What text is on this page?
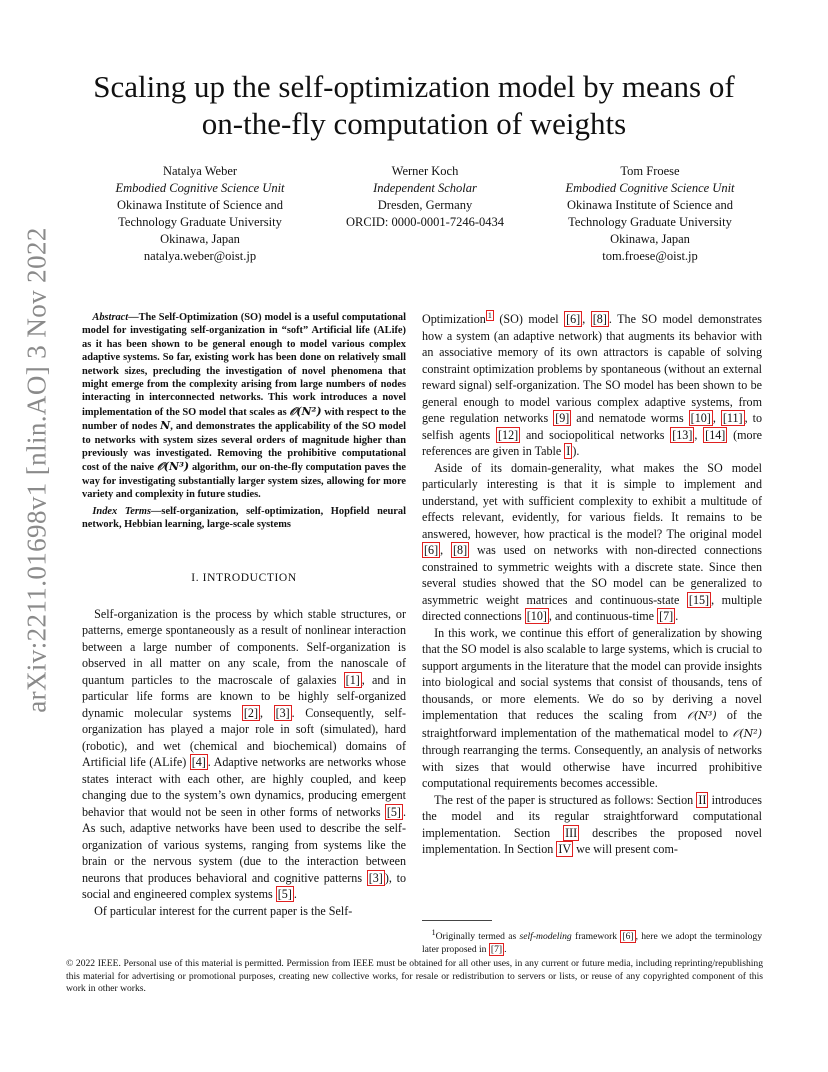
arXiv:2211.01698v1 [nlin.AO] 3 Nov 2022
Scaling up the self-optimization model by means of
on-the-fly computation of weights
Natalya Weber
Embodied Cognitive Science Unit
Okinawa Institute of Science and
Technology Graduate University
Okinawa, Japan
natalya.weber@oist.jp
Werner Koch
Independent Scholar
Dresden, Germany
ORCID: 0000-0001-7246-0434
Tom Froese
Embodied Cognitive Science Unit
Okinawa Institute of Science and
Technology Graduate University
Okinawa, Japan
tom.froese@oist.jp

Abstract—The Self-Optimization (SO) model is a useful computational model for investigating self-organization in “soft” Artificial life (ALife) as it has been shown to be general enough to model various complex adaptive systems. So far, existing work has been done on relatively small network sizes, precluding the investigation of novel phenomena that might emerge from the complexity arising from large numbers of nodes interacting in interconnected networks. This work introduces a novel implementation of the SO model that scales as 𝒪(N²) with respect to the number of nodes N, and demonstrates the applicability of the SO model to networks with system sizes several orders of magnitude higher than previously was investigated. Removing the prohibitive computational cost of the naive 𝒪(N³) algorithm, our on-the-fly computation paves the way for investigating substantially larger system sizes, allowing for more variety and complexity in future studies.

Index Terms—self-organization, self-optimization, Hopfield neural network, Hebbian learning, large-scale systems

I. INTRODUCTION

Self-organization is the process by which stable structures, or patterns, emerge spontaneously as a result of nonlinear interaction between a large number of components. Self-organization is observed in all matter on any scale, from the nanoscale of quantum particles to the macroscale of galaxies [1] , and in particular life forms are known to be highly self-organized dynamic molecular systems [2] , [3] . Consequently, self-organization has played a major role in soft (simulated), hard (robotic), and wet (chemical and biochemical) domains of Artificial life (ALife) [4] . Adaptive networks are networks whose states interact with each other, are highly coupled, and keep changing due to the system’s own dynamics, producing emergent behavior that would not be seen in other forms of networks [5] . As such, adaptive networks have been used to describe the self-organization of various systems, ranging from systems like the brain or the nervous system (due to the interaction between neurons that produces behavioral and cognitive patterns [3] ), to social and engineered complex systems [5] .

Of particular interest for the current paper is the Self-

Optimization $^1$ (SO) model [6] , [8] . The SO model demonstrates how a system (an adaptive network) that augments its behavior with an associative memory of its own attractors is capable of solving constraint optimization problems by spontaneous (without an external reward signal) self-organization. The SO model has been shown to be general enough to model various complex adaptive systems, from gene regulation networks [9] and nematode worms [10] , [11] , to selfish agents [12] and sociopolitical networks [13] , [14] (more references are given in Table I ).

Aside of its domain-generality, what makes the SO model particularly interesting is that it is simple to implement and understand, yet with sufficient complexity to exhibit a multitude of effects relevant, evidently, for various fields. It remains to be answered, however, how practical is the model? The original model [6] , [8] was used on networks with non-directed connections constrained to symmetric weights with a discrete state. Since then several studies showed that the SO model can be generalized to asymmetric weight matrices and continuous-state [15] , multiple directed connections [10] , and continuous-time [7] .

In this work, we continue this effort of generalization by showing that the SO model is also scalable to large systems, which is crucial to support arguments in the literature that the model can provide insights into biological and social systems that consist of thousands, tens of thousands, or more elements. We do so by deriving a novel implementation that reduces the scaling from 𝒪(N³) of the straightforward implementation of the mathematical model to 𝒪(N²) through rearranging the terms. Consequently, an analysis of networks with sizes that would otherwise have incurred prohibitive computational requirements becomes accessible.

The rest of the paper is structured as follows: Section II introduces the model and its regular straightforward computational implementation. Section III describes the proposed novel implementation. In Section IV we will present com-

$^1$Originally termed as self-modeling framework [6] , here we adopt the terminology later proposed in [7] .
© 2022 IEEE. Personal use of this material is permitted. Permission from IEEE must be obtained for all other uses, in any current or future media, including reprinting/republishing this material for advertising or promotional purposes, creating new collective works, for resale or redistribution to servers or lists, or reuse of any copyrighted component of this work in other works.
